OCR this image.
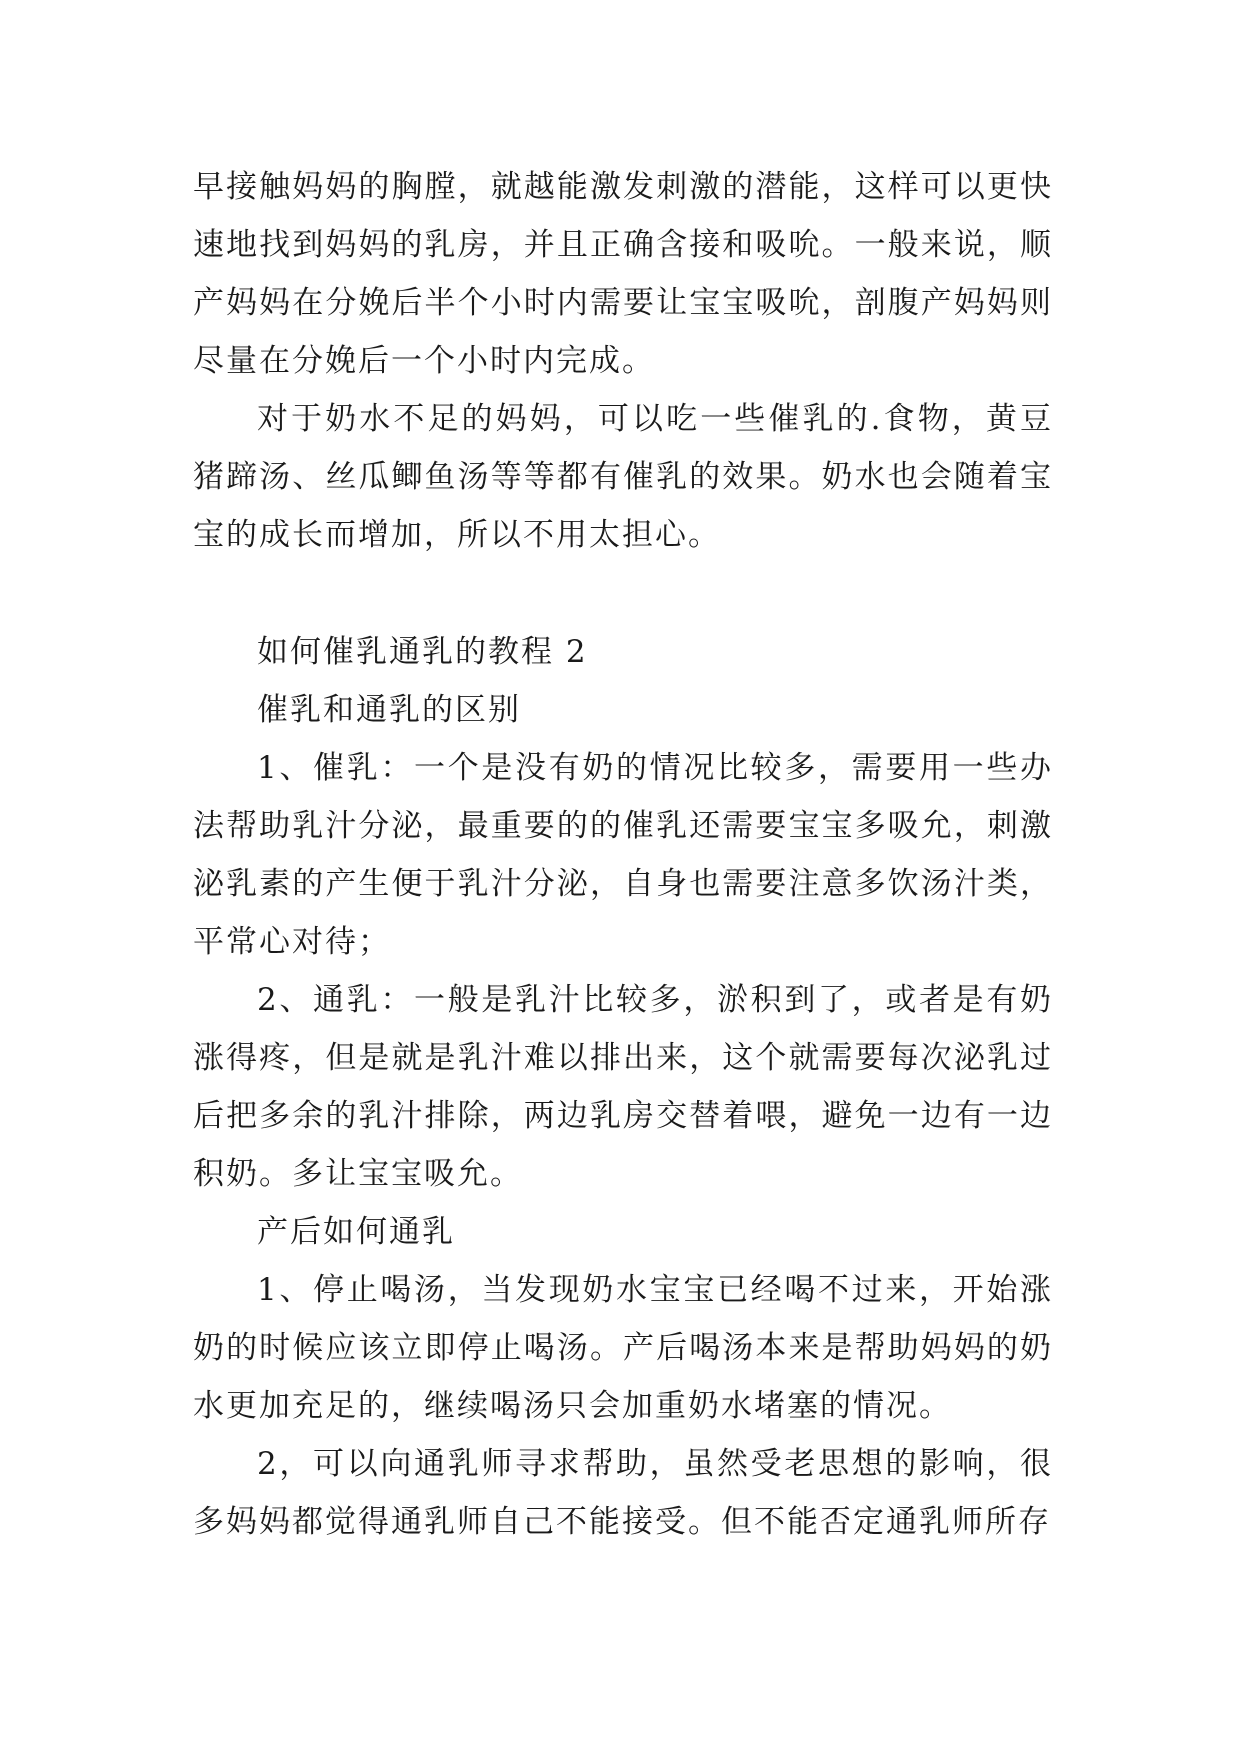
早接触妈妈的胸膛，就越能激发刺激的潜能，这样可以更快速地找到妈妈的乳房，并且正确含接和吸吮。一般来说，顺产妈妈在分娩后半个小时内需要让宝宝吸吮，剖腹产妈妈则尽量在分娩后一个小时内完成。

对于奶水不足的妈妈，可以吃一些催乳的.食物，黄豆猪蹄汤、丝瓜鲫鱼汤等等都有催乳的效果。奶水也会随着宝宝的成长而增加，所以不用太担心。

如何催乳通乳的教程 2

催乳和通乳的区别

1、催乳：一个是没有奶的情况比较多，需要用一些办法帮助乳汁分泌，最重要的的催乳还需要宝宝多吸允，刺激泌乳素的产生便于乳汁分泌，自身也需要注意多饮汤汁类，平常心对待；

2、通乳：一般是乳汁比较多，淤积到了，或者是有奶涨得疼，但是就是乳汁难以排出来，这个就需要每次泌乳过后把多余的乳汁排除，两边乳房交替着喂，避免一边有一边积奶。多让宝宝吸允。

产后如何通乳

1、停止喝汤，当发现奶水宝宝已经喝不过来，开始涨奶的时候应该立即停止喝汤。产后喝汤本来是帮助妈妈的奶水更加充足的，继续喝汤只会加重奶水堵塞的情况。

2，可以向通乳师寻求帮助，虽然受老思想的影响，很多妈妈都觉得通乳师自己不能接受。但不能否定通乳师所存
